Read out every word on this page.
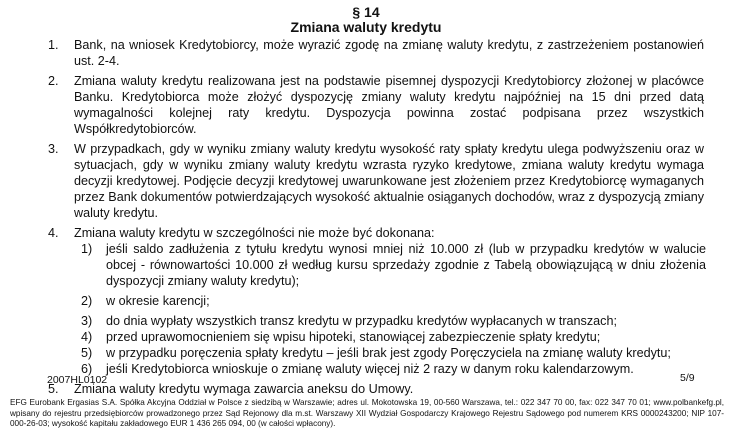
§ 14
Zmiana waluty kredytu
1. Bank, na wniosek Kredytobiorcy, może wyrazić zgodę na zmianę waluty kredytu, z zastrzeżeniem postanowień ust. 2-4.
2. Zmiana waluty kredytu realizowana jest na podstawie pisemnej dyspozycji Kredytobiorcy złożonej w placówce Banku. Kredytobiorca może złożyć dyspozycję zmiany waluty kredytu najpóźniej na 15 dni przed datą wymagalności kolejnej raty kredytu. Dyspozycja powinna zostać podpisana przez wszystkich Współkredytobiorców.
3. W przypadkach, gdy w wyniku zmiany waluty kredytu wysokość raty spłaty kredytu ulega podwyższeniu oraz w sytuacjach, gdy w wyniku zmiany waluty kredytu wzrasta ryzyko kredytowe, zmiana waluty kredytu wymaga decyzji kredytowej. Podjęcie decyzji kredytowej uwarunkowane jest złożeniem przez Kredytobiorcę wymaganych przez Bank dokumentów potwierdzających wysokość aktualnie osiąganych dochodów, wraz z dyspozycją zmiany waluty kredytu.
4. Zmiana waluty kredytu w szczególności nie może być dokonana:
1) jeśli saldo zadłużenia z tytułu kredytu wynosi mniej niż 10.000 zł (lub w przypadku kredytów w walucie obcej - równowartości 10.000 zł według kursu sprzedaży zgodnie z Tabelą obowiązującą w dniu złożenia dyspozycji zmiany waluty kredytu);
2) w okresie karencji;
3) do dnia wypłaty wszystkich transz kredytu w przypadku kredytów wypłacanych w transzach;
4) przed uprawomocnieniem się wpisu hipoteki, stanowiącej zabezpieczenie spłaty kredytu;
5) w przypadku poręczenia spłaty kredytu – jeśli brak jest zgody Poręczyciela na zmianę waluty kredytu;
6) jeśli Kredytobiorca wnioskuje o zmianę waluty więcej niż 2 razy w danym roku kalendarzowym.
5. Zmiana waluty kredytu wymaga zawarcia aneksu do Umowy.
2007HL0102	5/9
EFG Eurobank Ergasias S.A. Spółka Akcyjna Oddział w Polsce z siedzibą w Warszawie; adres ul. Mokotowska 19, 00-560 Warszawa, tel.: 022 347 70 00, fax: 022 347 70 01; www.polbankefg.pl, wpisany do rejestru przedsiębiorców prowadzonego przez Sąd Rejonowy dla m.st. Warszawy XII Wydział Gospodarczy Krajowego Rejestru Sądowego pod numerem KRS 0000243200; NIP 107-000-26-03; wysokość kapitału zakładowego EUR 1 436 265 094, 00 (w całości wpłacony).
